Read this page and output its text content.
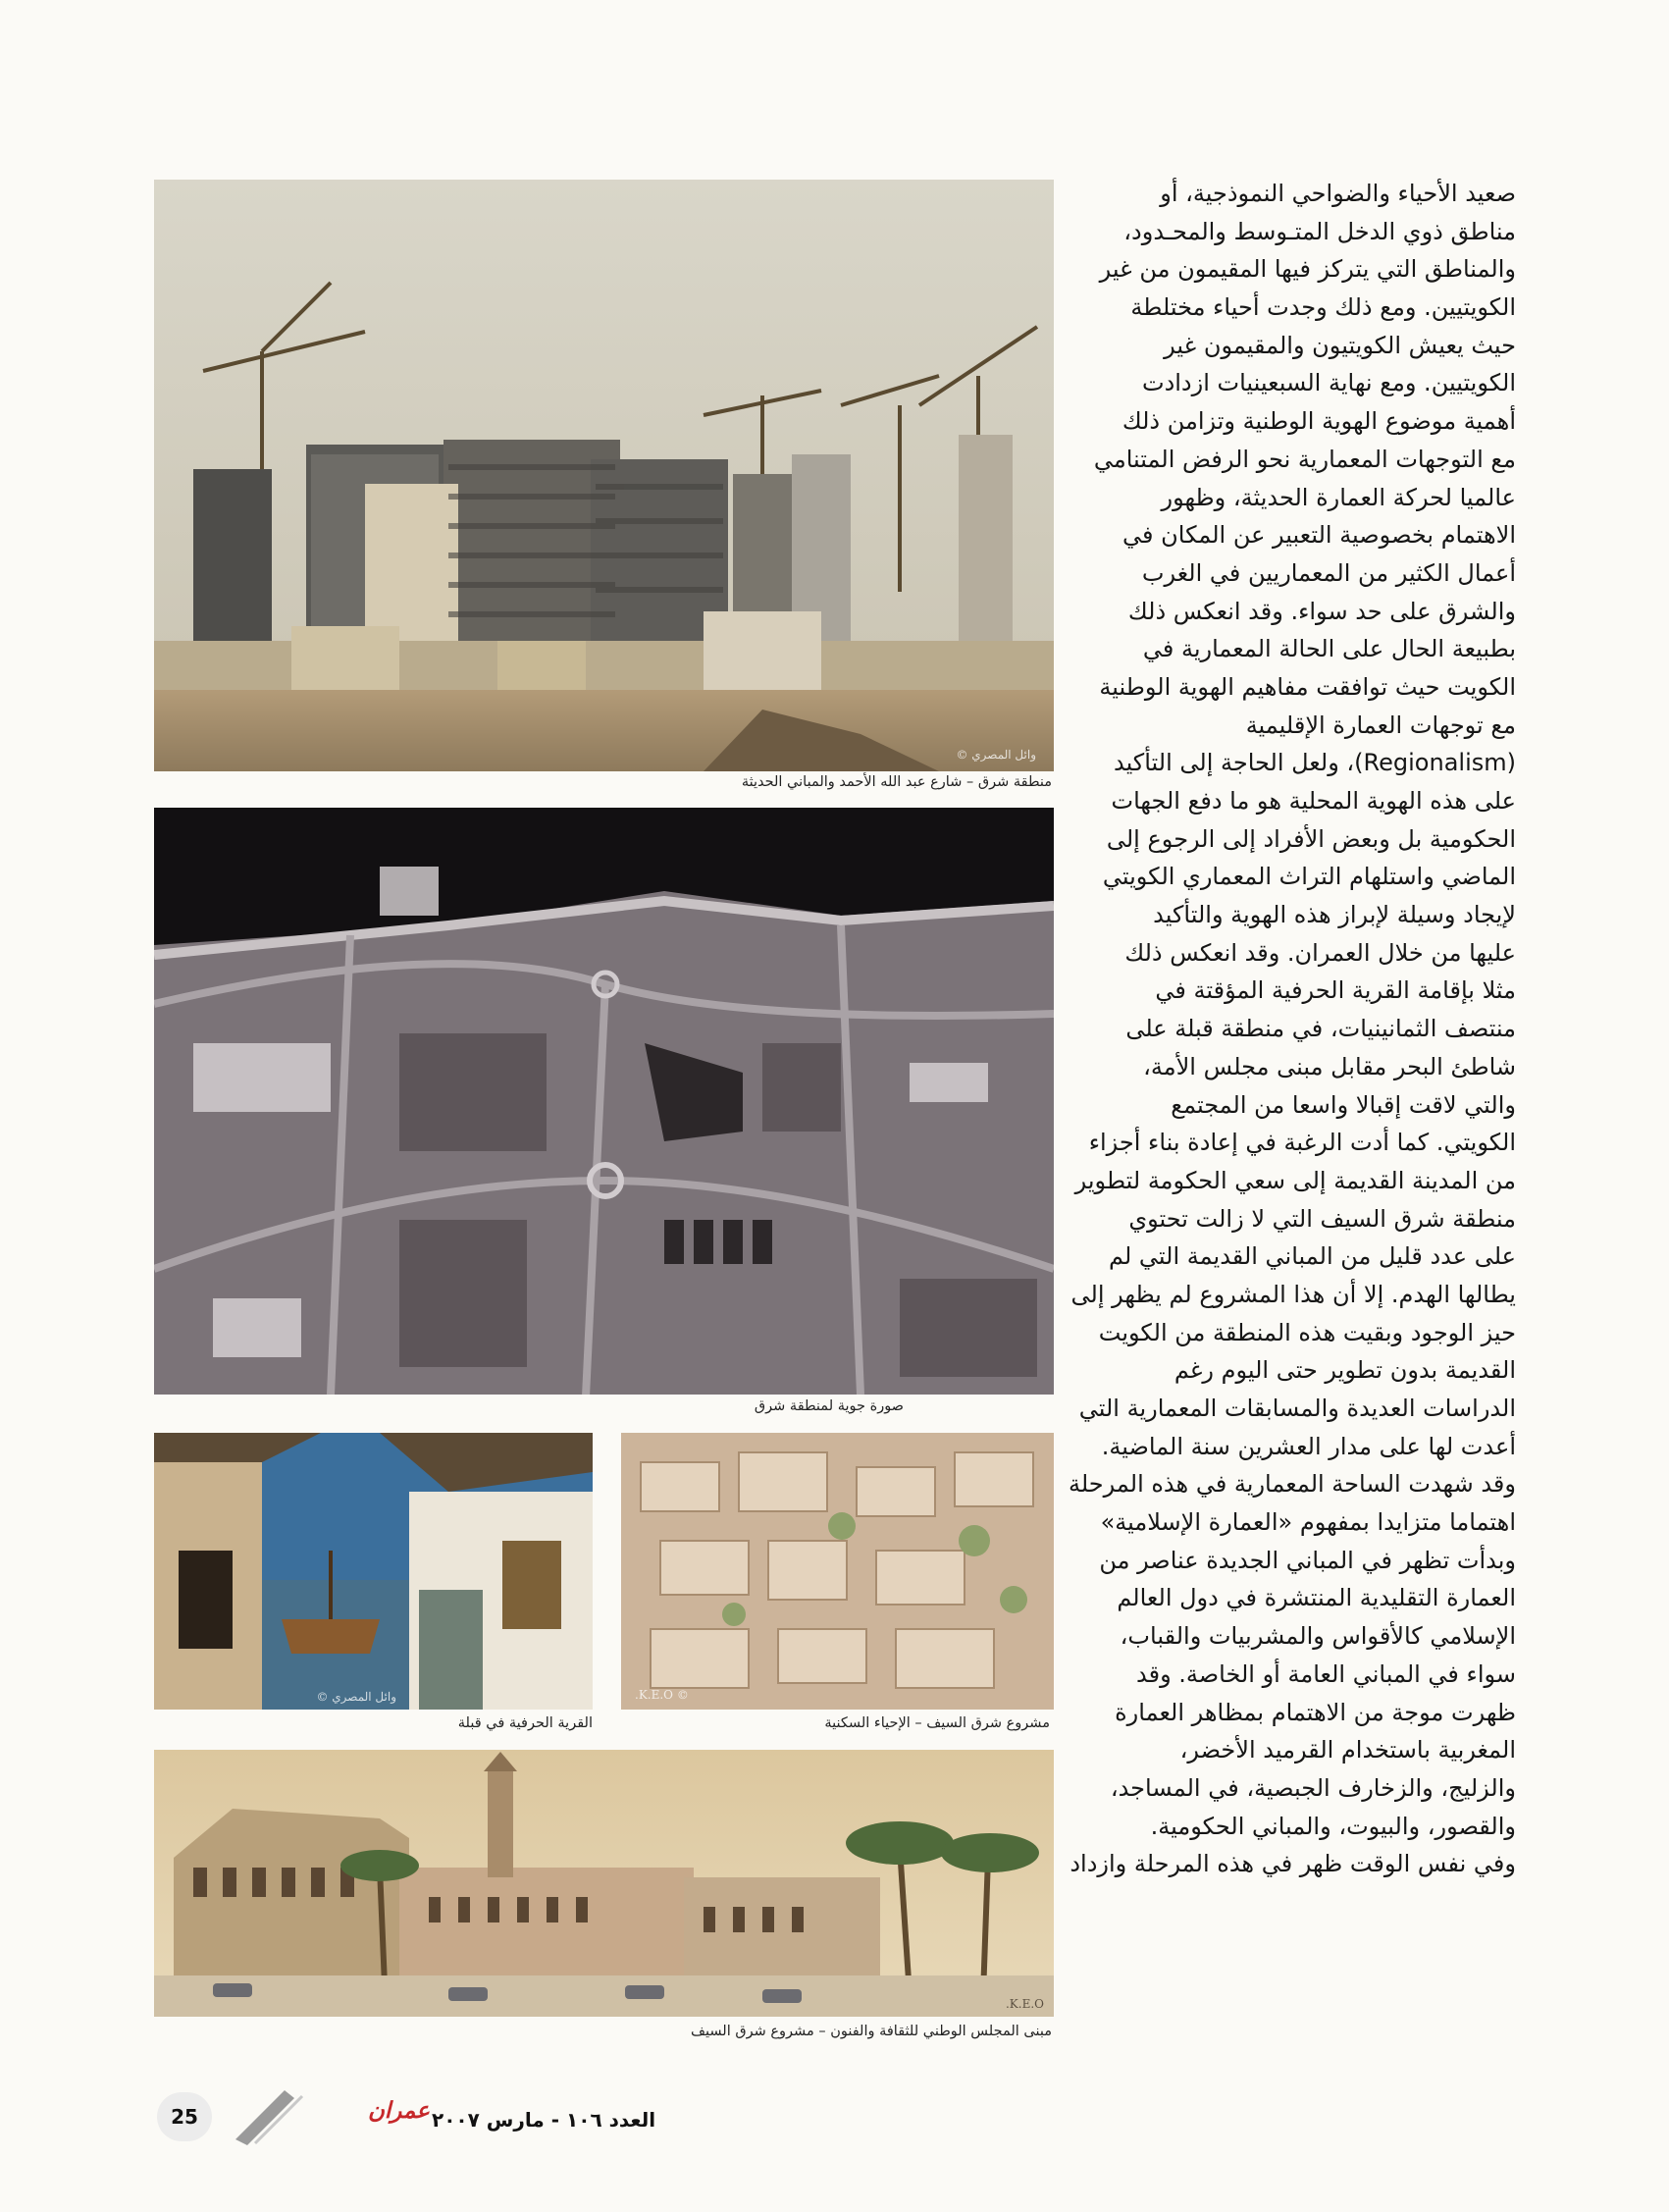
صعيد الأحياء والضواحي النموذجية، أو
مناطق ذوي الدخل المتـوسط والمحـدود،
والمناطق التي يتركز فيها المقيمون من غير
الكويتيين. ومع ذلك وجدت أحياء مختلطة
حيث يعيش الكويتيون والمقيمون غير
الكويتيين. ومع نهاية السبعينيات ازدادت
أهمية موضوع الهوية الوطنية وتزامن ذلك
مع التوجهات المعمارية نحو الرفض المتنامي
عالميا لحركة العمارة الحديثة، وظهور
الاهتمام بخصوصية التعبير عن المكان في
أعمال الكثير من المعماريين في الغرب
والشرق على حد سواء. وقد انعكس ذلك
بطبيعة الحال على الحالة المعمارية في
الكويت حيث توافقت مفاهيم الهوية الوطنية
مع توجهات العمارة الإقليمية
(Regionalism)، ولعل الحاجة إلى التأكيد
على هذه الهوية المحلية هو ما دفع الجهات
الحكومية بل وبعض الأفراد إلى الرجوع إلى
الماضي واستلهام التراث المعماري الكويتي
لإيجاد وسيلة لإبراز هذه الهوية والتأكيد
عليها من خلال العمران. وقد انعكس ذلك
مثلا بإقامة القرية الحرفية المؤقتة في
منتصف الثمانينيات، في منطقة قبلة على
شاطئ البحر مقابل مبنى مجلس الأمة،
والتي لاقت إقبالا واسعا من المجتمع
الكويتي. كما أدت الرغبة في إعادة بناء أجزاء
من المدينة القديمة إلى سعي الحكومة لتطوير
منطقة شرق السيف التي لا زالت تحتوي
على عدد قليل من المباني القديمة التي لم
يطالها الهدم. إلا أن هذا المشروع لم يظهر إلى
حيز الوجود وبقيت هذه المنطقة من الكويت
القديمة بدون تطوير حتى اليوم رغم
الدراسات العديدة والمسابقات المعمارية التي
أعدت لها على مدار العشرين سنة الماضية.
وقد شهدت الساحة المعمارية في هذه المرحلة
اهتماما متزايدا بمفهوم «العمارة الإسلامية»
وبدأت تظهر في المباني الجديدة عناصر من
العمارة التقليدية المنتشرة في دول العالم
الإسلامي كالأقواس والمشربيات والقباب،
سواء في المباني العامة أو الخاصة. وقد
ظهرت موجة من الاهتمام بمظاهر العمارة
المغربية باستخدام القرميد الأخضر،
والزليج، والزخارف الجبصية، في المساجد،
والقصور، والبيوت، والمباني الحكومية.
وفي نفس الوقت ظهر في هذه المرحلة وازداد
وائل المصري ©
منطقة شرق – شارع عبد الله الأحمد والمباني الحديثة
صورة جوية لمنطقة شرق
وائل المصري ©
القرية الحرفية في قبلة
© K.E.O.
مشروع شرق السيف – الإحياء السكنية
K.E.O.
مبنى المجلس الوطني للثقافة والفنون – مشروع شرق السيف
25	عمران العدد ١٠٦ - مارس ٢٠٠٧
